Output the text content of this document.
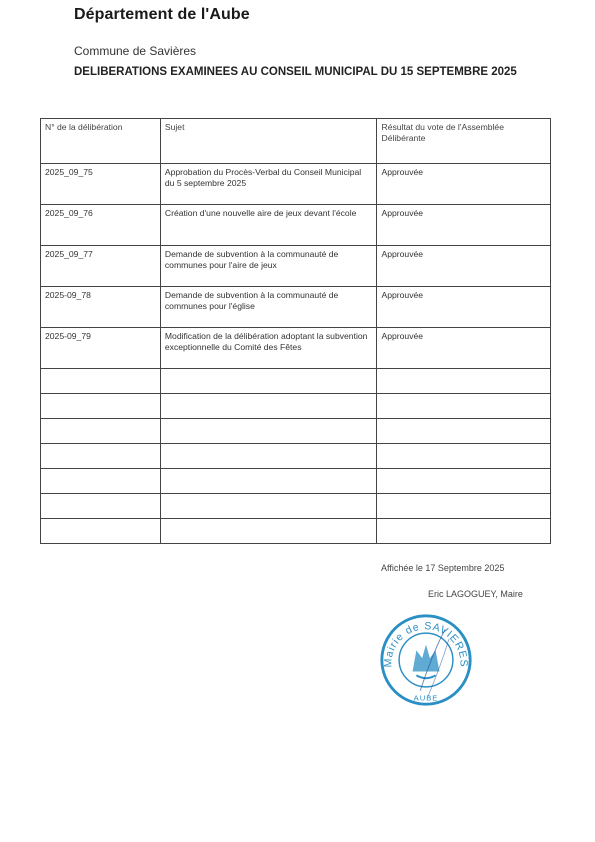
Département de l'Aube
Commune de Savières
DELIBERATIONS EXAMINEES AU CONSEIL MUNICIPAL DU 15 SEPTEMBRE 2025
N° de la délibération	Sujet	Résultat du vote de l'Assemblée Délibérante
2025_09_75	Approbation du Procès-Verbal du Conseil Municipal du 5 septembre 2025	Approuvée
2025_09_76	Création d'une nouvelle aire de jeux devant l'école	Approuvée
2025_09_77	Demande de subvention à la communauté de communes pour l'aire de jeux	Approuvée
2025-09_78	Demande de subvention à la communauté de communes pour l'église	Approuvée
2025-09_79	Modification de la délibération adoptant la subvention exceptionnelle du Comité des Fêtes	Approuvée

Affichée le 17 Septembre 2025
Eric LAGOGUEY, Maire
Mairie de SAVIERES
AUBE
